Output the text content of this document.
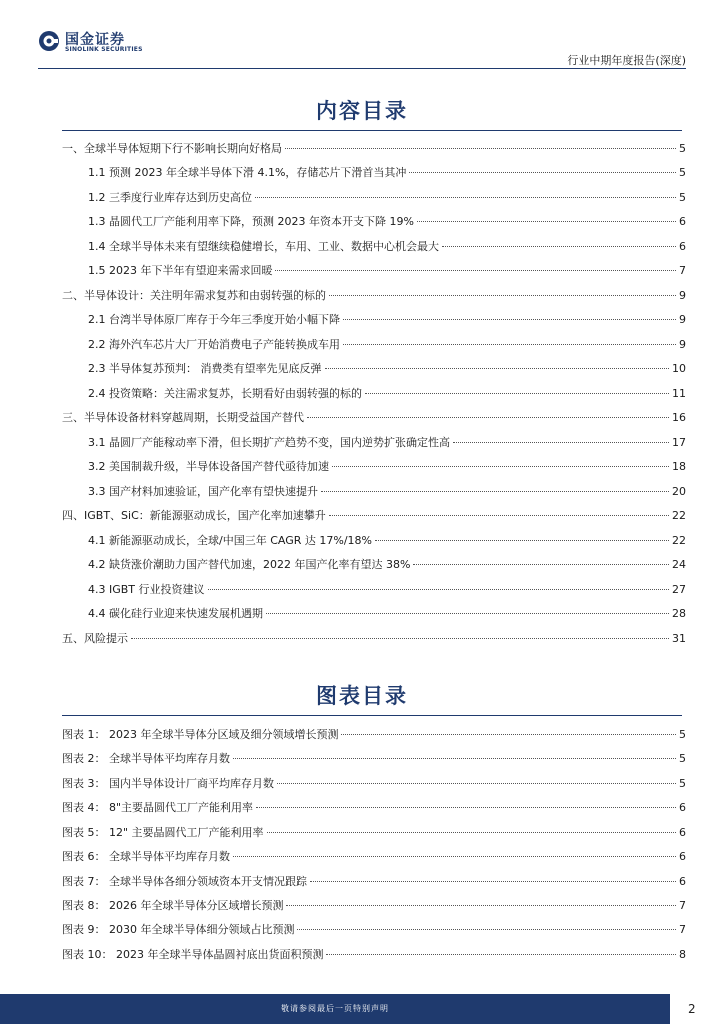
国金证券
SINOLINK SECURITIES
行业中期年度报告(深度)
内容目录
一、全球半导体短期下行不影响长期向好格局	5
1.1 预测 2023 年全球半导体下滑 4.1%，存储芯片下滑首当其冲	5
1.2 三季度行业库存达到历史高位	5
1.3 晶圆代工厂产能利用率下降，预测 2023 年资本开支下降 19%	6
1.4 全球半导体未来有望继续稳健增长，车用、工业、数据中心机会最大	6
1.5 2023 年下半年有望迎来需求回暖	7
二、半导体设计：关注明年需求复苏和由弱转强的标的	9
2.1 台湾半导体原厂库存于今年三季度开始小幅下降	9
2.2 海外汽车芯片大厂开始消费电子产能转换成车用	9
2.3 半导体复苏预判： 消费类有望率先见底反弹	10
2.4 投资策略：关注需求复苏，长期看好由弱转强的标的	11
三、半导体设备材料穿越周期，长期受益国产替代	16
3.1 晶圆厂产能稼动率下滑，但长期扩产趋势不变，国内逆势扩张确定性高	17
3.2 美国制裁升级，半导体设备国产替代亟待加速	18
3.3 国产材料加速验证，国产化率有望快速提升	20
四、IGBT、SiC：新能源驱动成长，国产化率加速攀升	22
4.1 新能源驱动成长，全球/中国三年 CAGR 达 17%/18%	22
4.2 缺货涨价潮助力国产替代加速，2022 年国产化率有望达 38%	24
4.3 IGBT 行业投资建议	27
4.4 碳化硅行业迎来快速发展机遇期	28
五、风险提示	31
图表目录
图表 1： 2023 年全球半导体分区域及细分领域增长预测	5
图表 2： 全球半导体平均库存月数	5
图表 3： 国内半导体设计厂商平均库存月数	5
图表 4： 8"主要晶圆代工厂产能利用率	6
图表 5： 12" 主要晶圆代工厂产能利用率	6
图表 6： 全球半导体平均库存月数	6
图表 7： 全球半导体各细分领域资本开支情况跟踪	6
图表 8： 2026 年全球半导体分区域增长预测	7
图表 9： 2030 年全球半导体细分领域占比预测	7
图表 10： 2023 年全球半导体晶圆衬底出货面积预测	8
敬请参阅最后一页特别声明	2
